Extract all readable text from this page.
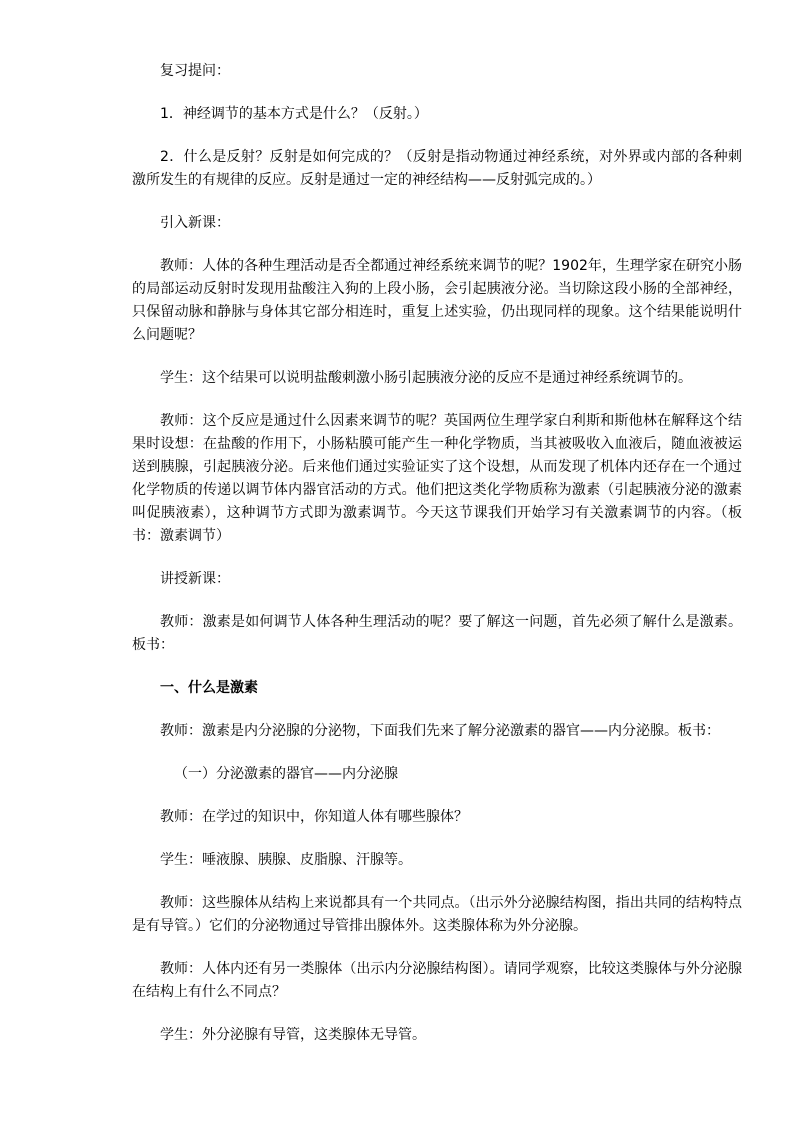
复习提问：

1．神经调节的基本方式是什么？（反射。）

2．什么是反射？反射是如何完成的？（反射是指动物通过神经系统，对外界或内部的各种刺激所发生的有规律的反应。反射是通过一定的神经结构——反射弧完成的。）

引入新课：

教师：人体的各种生理活动是否全都通过神经系统来调节的呢？1902年，生理学家在研究小肠的局部运动反射时发现用盐酸注入狗的上段小肠，会引起胰液分泌。当切除这段小肠的全部神经，只保留动脉和静脉与身体其它部分相连时，重复上述实验，仍出现同样的现象。这个结果能说明什么问题呢？

学生：这个结果可以说明盐酸刺激小肠引起胰液分泌的反应不是通过神经系统调节的。

教师：这个反应是通过什么因素来调节的呢？英国两位生理学家白利斯和斯他林在解释这个结果时设想：在盐酸的作用下，小肠粘膜可能产生一种化学物质，当其被吸收入血液后，随血液被运送到胰腺，引起胰液分泌。后来他们通过实验证实了这个设想，从而发现了机体内还存在一个通过化学物质的传递以调节体内器官活动的方式。他们把这类化学物质称为激素（引起胰液分泌的激素叫促胰液素），这种调节方式即为激素调节。今天这节课我们开始学习有关激素调节的内容。（板书：激素调节）

讲授新课：

教师：激素是如何调节人体各种生理活动的呢？要了解这一问题，首先必须了解什么是激素。板书：

一、什么是激素

教师：激素是内分泌腺的分泌物，下面我们先来了解分泌激素的器官——内分泌腺。板书：

（一）分泌激素的器官——内分泌腺

教师：在学过的知识中，你知道人体有哪些腺体？

学生：唾液腺、胰腺、皮脂腺、汗腺等。

教师：这些腺体从结构上来说都具有一个共同点。（出示外分泌腺结构图，指出共同的结构特点是有导管。）它们的分泌物通过导管排出腺体外。这类腺体称为外分泌腺。

教师：人体内还有另一类腺体（出示内分泌腺结构图）。请同学观察，比较这类腺体与外分泌腺在结构上有什么不同点？

学生：外分泌腺有导管，这类腺体无导管。
